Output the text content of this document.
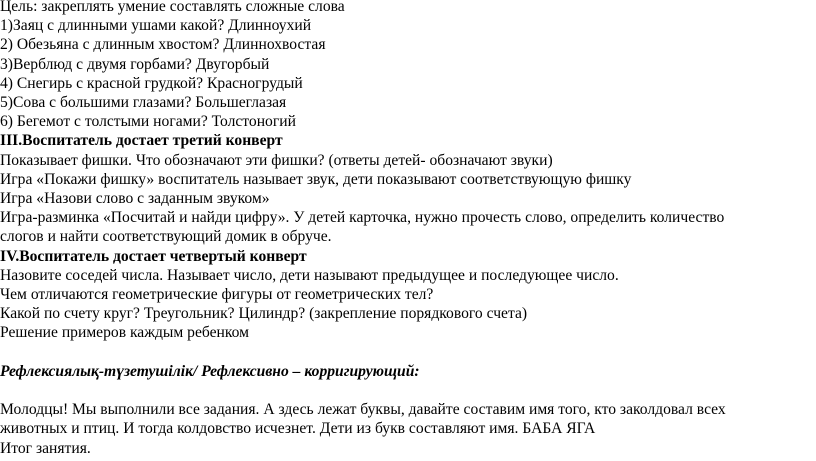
Цель: закреплять умение составлять сложные слова

1)Заяц с длинными ушами какой? Длинноухий

2) Обезьяна с длинным хвостом? Длиннохвостая

3)Верблюд с двумя горбами? Двугорбый

4) Снегирь с красной грудкой? Красногрудый

5)Сова с большими глазами? Большеглазая

6) Бегемот с толстыми ногами? Толстоногий

III.Воспитатель достает третий конверт

Показывает фишки. Что обозначают эти фишки? (ответы детей- обозначают звуки)

Игра «Покажи фишку» воспитатель называет звук, дети показывают соответствующую фишку

Игра «Назови слово с заданным звуком»

Игра-разминка «Посчитай и найди цифру». У детей карточка, нужно прочесть слово, определить количество

слогов и найти соответствующий домик в обруче.

IV.Воспитатель достает четвертый конверт

Назовите соседей числа. Называет число, дети называют предыдущее и последующее число.

Чем отличаются геометрические фигуры от геометрических тел?

Какой по счету круг? Треугольник? Цилиндр? (закрепление порядкового счета)

Решение примеров каждым ребенком

Рефлексиялық-түзетушілік/ Рефлексивно – корригирующий:

Молодцы! Мы выполнили все задания. А здесь лежат буквы, давайте составим имя того, кто заколдовал всех

животных и птиц. И тогда колдовство исчезнет. Дети из букв составляют имя. БАБА ЯГА

Итог занятия.
